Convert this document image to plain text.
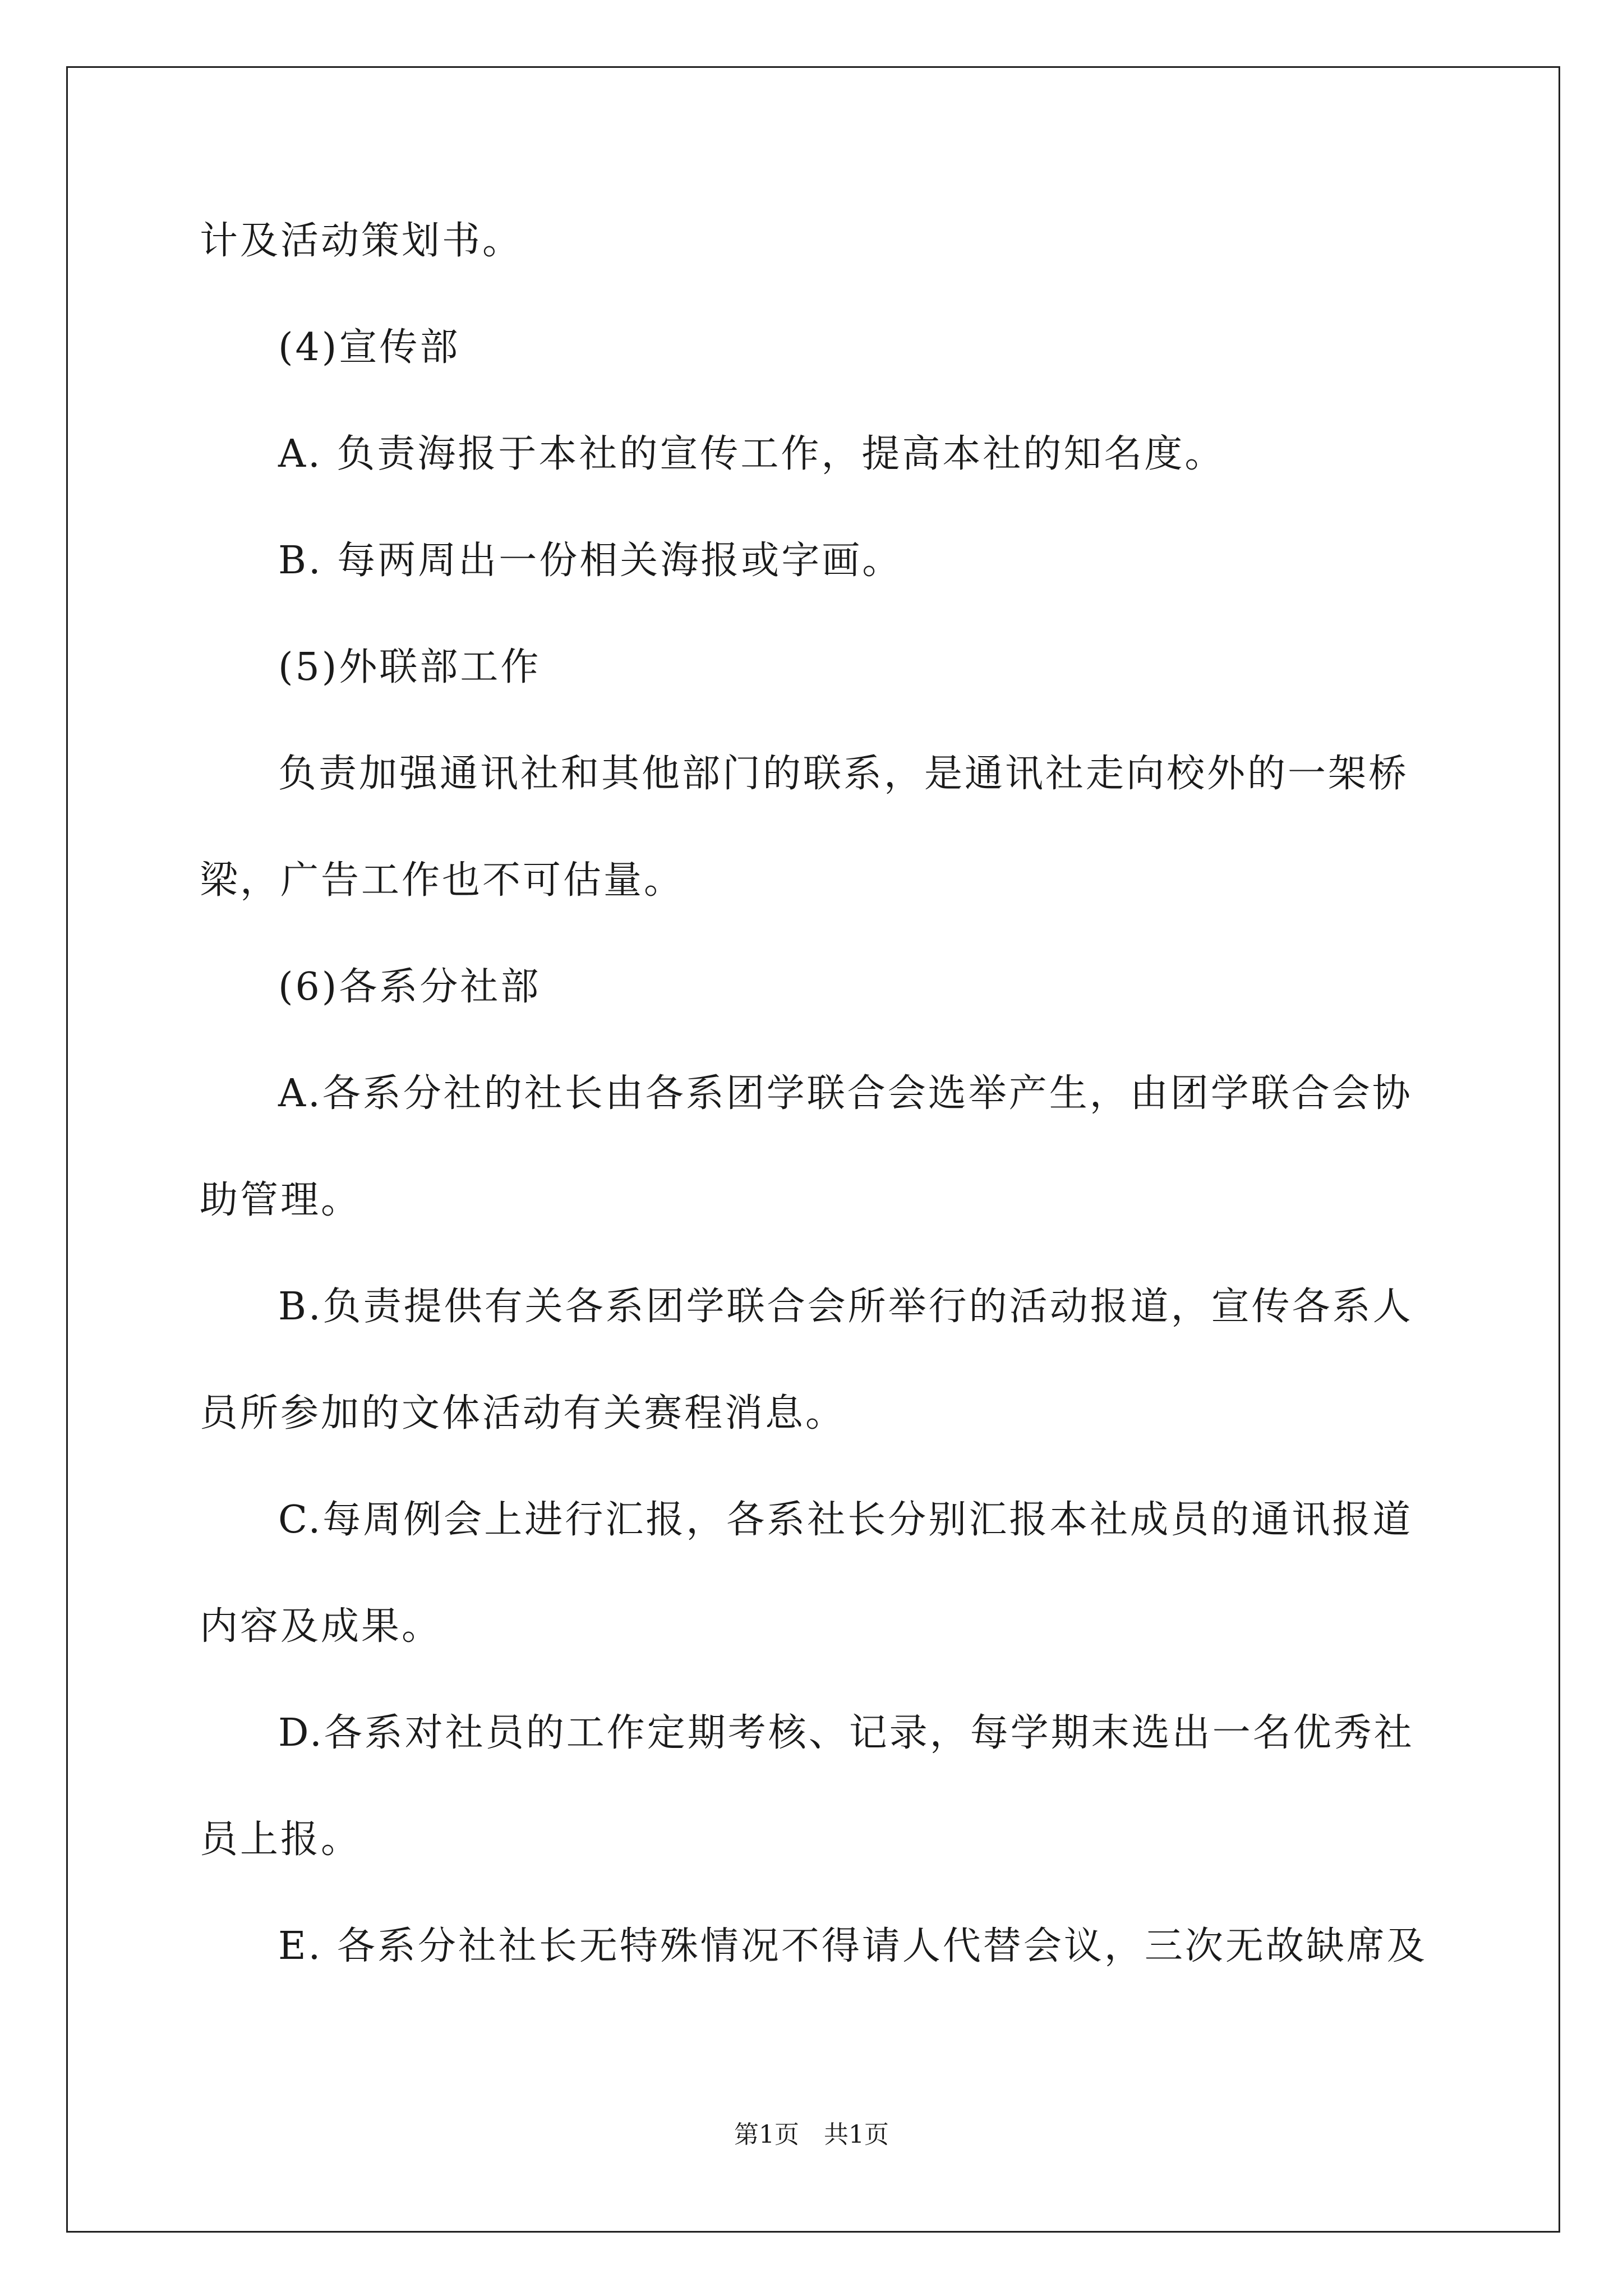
计及活动策划书。
(4)宣传部
A. 负责海报于本社的宣传工作，提高本社的知名度。
B. 每两周出一份相关海报或字画。
(5)外联部工作
负责加强通讯社和其他部门的联系，是通讯社走向校外的一架桥
梁，广告工作也不可估量。
(6)各系分社部
A.各系分社的社长由各系团学联合会选举产生，由团学联合会协
助管理。
B.负责提供有关各系团学联合会所举行的活动报道，宣传各系人
员所参加的文体活动有关赛程消息。
C.每周例会上进行汇报，各系社长分别汇报本社成员的通讯报道
内容及成果。
D.各系对社员的工作定期考核、记录，每学期末选出一名优秀社
员上报。
E. 各系分社社长无特殊情况不得请人代替会议，三次无故缺席及
第1页　共1页
